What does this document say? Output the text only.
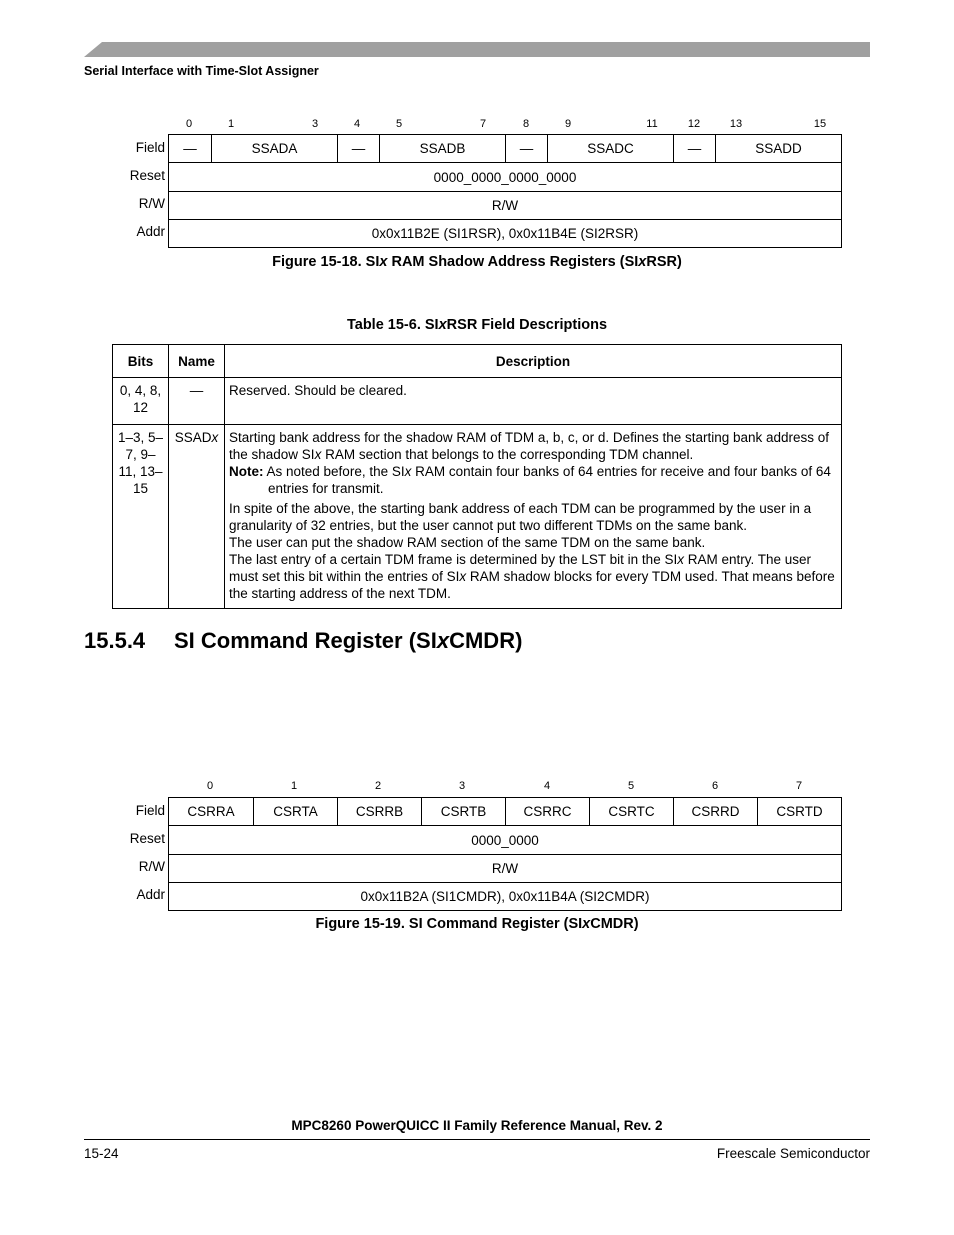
Serial Interface with Time-Slot Assigner
0	1	3	4	5	7	8	9	11	12	13	15
Field	—	SSADA	—	SSADB	—	SSADC	—	SSADD
Reset	0000_0000_0000_0000
R/W	R/W
Addr	0x0x11B2E (SI1RSR), 0x0x11B4E (SI2RSR)
Figure 15-18. SIx RAM Shadow Address Registers (SIxRSR)
Table 15-6. SIxRSR Field Descriptions
Bits	Name	Description
0, 4, 8, 12	—	Reserved. Should be cleared.
1–3, 5–7, 9–11, 13–15	SSADx	Starting bank address for the shadow RAM of TDM a, b, c, or d. Defines the starting bank address of the shadow SIx RAM section that belongs to the corresponding TDM channel.

Note: As noted before, the SIx RAM contain four banks of 64 entries for receive and four banks of 64 entries for transmit.

In spite of the above, the starting bank address of each TDM can be programmed by the user in a granularity of 32 entries, but the user cannot put two different TDMs on the same bank.

The user can put the shadow RAM section of the same TDM on the same bank.

The last entry of a certain TDM frame is determined by the LST bit in the SIx RAM entry. The user must set this bit within the entries of SIx RAM shadow blocks for every TDM used. That means before the starting address of the next TDM.

15.5.4 SI Command Register (SIxCMDR)
0	1	2	3	4	5	6	7
Field	CSRRA	CSRTA	CSRRB	CSRTB	CSRRC	CSRTC	CSRRD	CSRTD
Reset	0000_0000
R/W	R/W
Addr	0x0x11B2A (SI1CMDR), 0x0x11B4A (SI2CMDR)
Figure 15-19. SI Command Register (SIxCMDR)
MPC8260 PowerQUICC II Family Reference Manual, Rev. 2
15-24	Freescale Semiconductor
